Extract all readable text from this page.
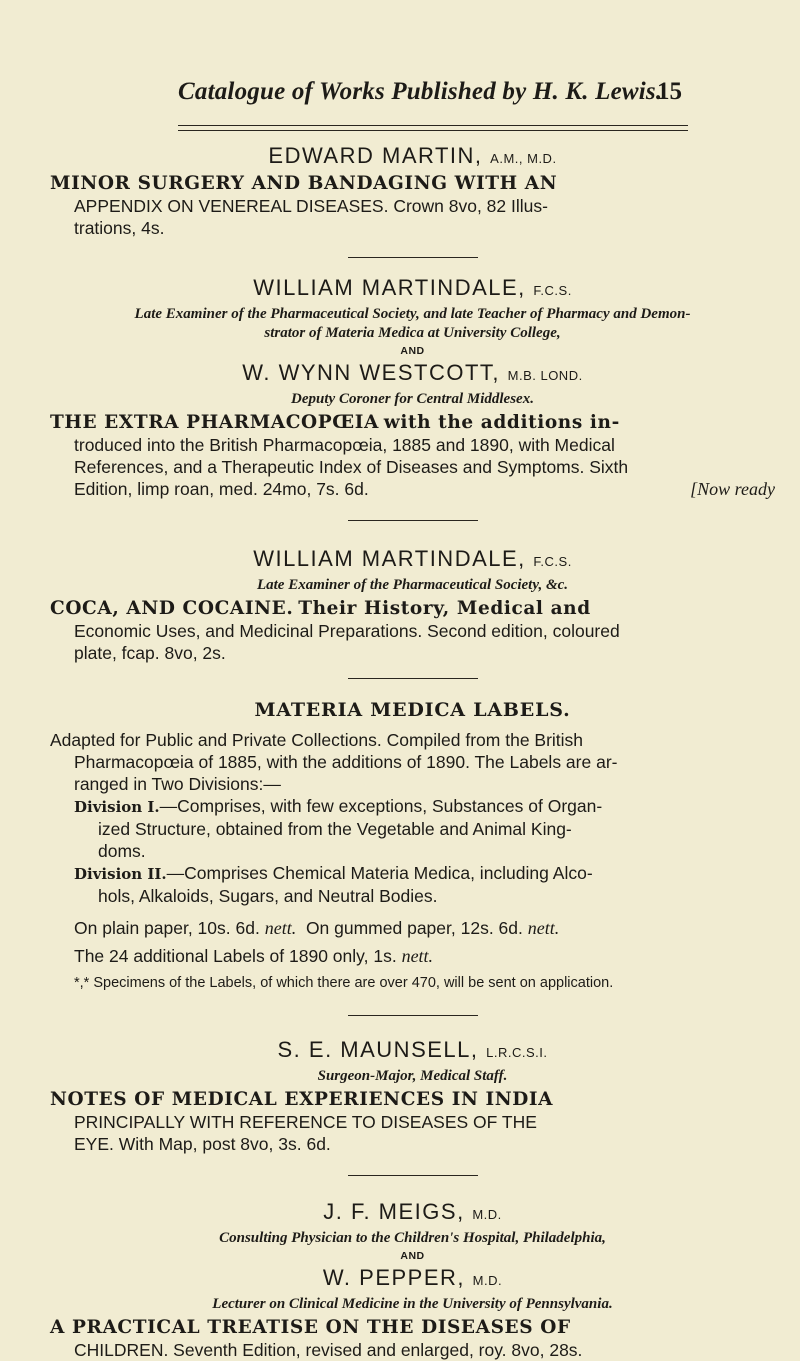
Catalogue of Works Published by H. K. Lewis.
15

EDWARD MARTIN, A.M., M.D.

MINOR SURGERY AND BANDAGING WITH AN
APPENDIX ON VENEREAL DISEASES. Crown 8vo, 82 Illus-
trations, 4s.

WILLIAM MARTINDALE, F.C.S.

Late Examiner of the Pharmaceutical Society, and late Teacher of Pharmacy and Demon-
strator of Materia Medica at University College,

AND

W. WYNN WESTCOTT, M.B. LOND.

Deputy Coroner for Central Middlesex.

THE EXTRA PHARMACOPŒIA with the additions in-
troduced into the British Pharmacopœia, 1885 and 1890, with Medical
References, and a Therapeutic Index of Diseases and Symptoms. Sixth
Edition, limp roan, med. 24mo, 7s. 6d.	[Now ready

WILLIAM MARTINDALE, F.C.S.

Late Examiner of the Pharmaceutical Society, &c.

COCA, AND COCAINE. Their History, Medical and
Economic Uses, and Medicinal Preparations. Second edition, coloured
plate, fcap. 8vo, 2s.

MATERIA MEDICA LABELS.

Adapted for Public and Private Collections. Compiled from the British
Pharmacopœia of 1885, with the additions of 1890. The Labels are ar-
ranged in Two Divisions:—

Division I.—Comprises, with few exceptions, Substances of Organ-
ized Structure, obtained from the Vegetable and Animal King-
doms.

Division II.—Comprises Chemical Materia Medica, including Alco-
hols, Alkaloids, Sugars, and Neutral Bodies.

On plain paper, 10s. 6d. nett. On gummed paper, 12s. 6d. nett.

The 24 additional Labels of 1890 only, 1s. nett.

*,* Specimens of the Labels, of which there are over 470, will be sent on application.

S. E. MAUNSELL, L.R.C.S.I.

Surgeon-Major, Medical Staff.

NOTES OF MEDICAL EXPERIENCES IN INDIA
PRINCIPALLY WITH REFERENCE TO DISEASES OF THE
EYE. With Map, post 8vo, 3s. 6d.

J. F. MEIGS, M.D.

Consulting Physician to the Children's Hospital, Philadelphia,

AND

W. PEPPER, M.D.

Lecturer on Clinical Medicine in the University of Pennsylvania.

A PRACTICAL TREATISE ON THE DISEASES OF
CHILDREN. Seventh Edition, revised and enlarged, roy. 8vo, 28s.
